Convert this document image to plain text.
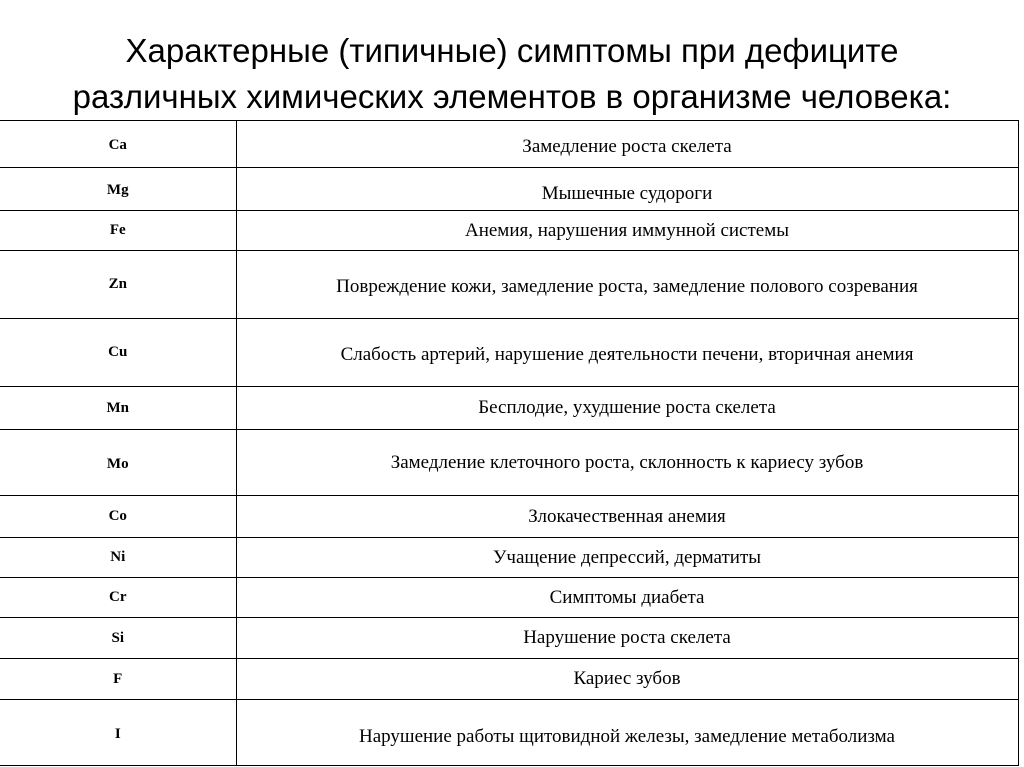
Характерные (типичные) симптомы при дефиците
различных химических элементов в организме человека:
Ca	Замедление роста скелета
Mg	Мышечные судороги
Fe	Анемия, нарушения иммунной системы
Zn	Повреждение кожи, замедление роста, замедление полового созревания
Cu	Слабость артерий, нарушение деятельности печени, вторичная анемия
Mn	Бесплодие, ухудшение роста скелета
Mo	Замедление клеточного роста, склонность к кариесу зубов
Co	Злокачественная анемия
Ni	Учащение депрессий, дерматиты
Cr	Симптомы диабета
Si	Нарушение роста скелета
F	Кариес зубов
I	Нарушение работы щитовидной железы, замедление метаболизма
